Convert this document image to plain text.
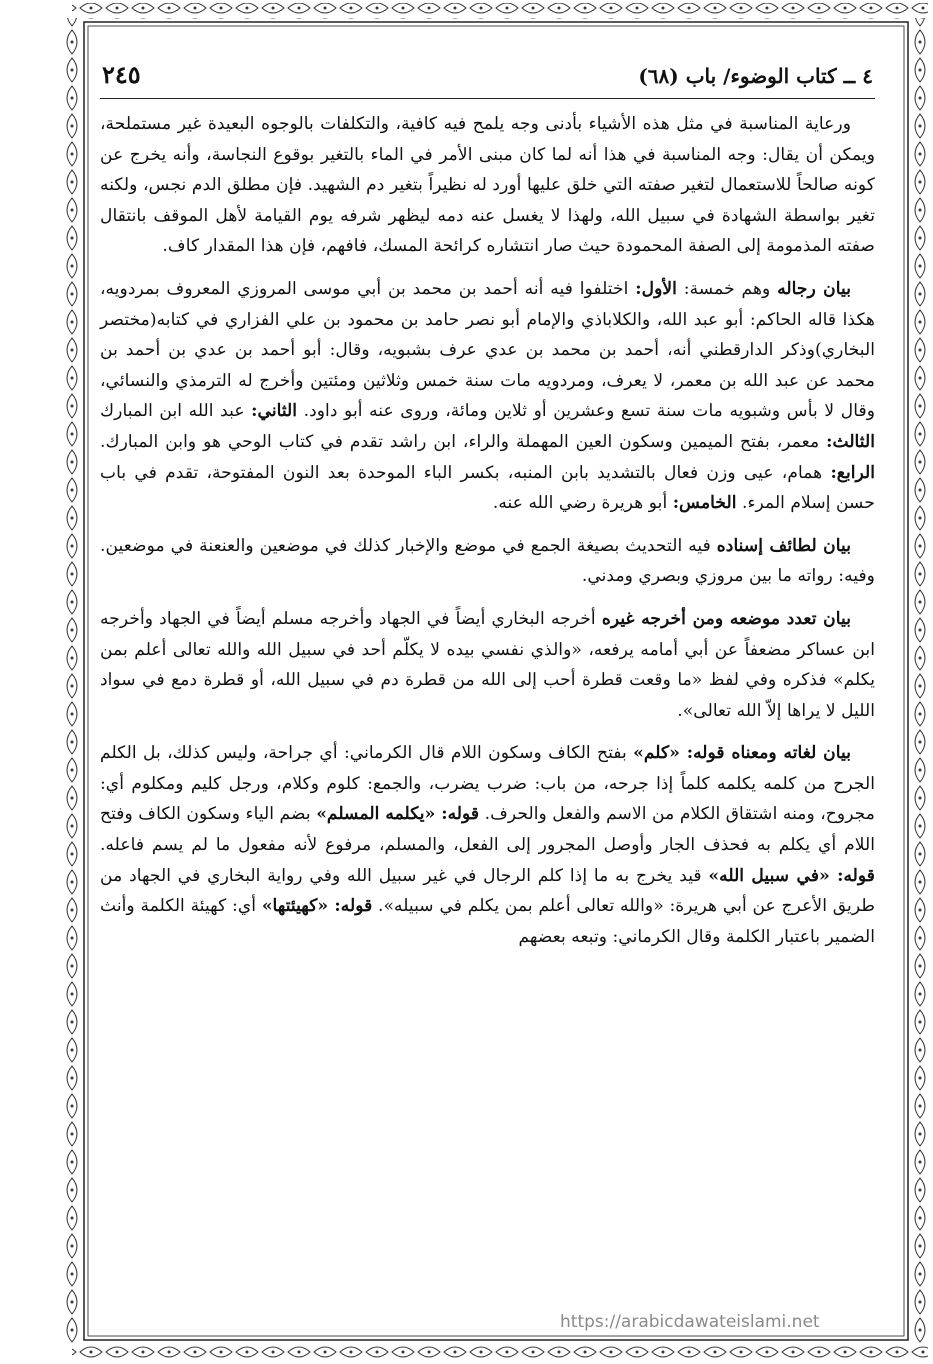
٤ ــ كتاب الوضوء/ باب (٦٨)
٢٤٥

ورعاية المناسبة في مثل هذه الأشياء بأدنى وجه يلمح فيه كافية، والتكلفات بالوجوه البعيدة غير مستملحة، ويمكن أن يقال: وجه المناسبة في هذا أنه لما كان مبنى الأمر في الماء بالتغير بوقوع النجاسة، وأنه يخرج عن كونه صالحاً للاستعمال لتغير صفته التي خلق عليها أورد له نظيراً بتغير دم الشهيد. فإن مطلق الدم نجس، ولكنه تغير بواسطة الشهادة في سبيل الله، ولهذا لا يغسل عنه دمه ليظهر شرفه يوم القيامة لأهل الموقف بانتقال صفته المذمومة إلى الصفة المحمودة حيث صار انتشاره كرائحة المسك، فافهم، فإن هذا المقدار كاف.

بيان رجاله وهم خمسة: الأول: اختلفوا فيه أنه أحمد بن محمد بن أبي موسى المروزي المعروف بمردويه، هكذا قاله الحاكم: أبو عبد الله، والكلاباذي والإمام أبو نصر حامد بن محمود بن علي الفزاري في كتابه(مختصر البخاري)وذكر الدارقطني أنه، أحمد بن محمد بن عدي عرف بشبويه، وقال: أبو أحمد بن عدي بن أحمد بن محمد عن عبد الله بن معمر، لا يعرف، ومردويه مات سنة خمس وثلاثين ومئتين وأخرج له الترمذي والنسائي، وقال لا بأس وشبويه مات سنة تسع وعشرين أو ثلاين ومائة، وروى عنه أبو داود. الثاني: عبد الله ابن المبارك الثالث: معمر، بفتح الميمين وسكون العين المهملة والراء، ابن راشد تقدم في كتاب الوحي هو وابن المبارك. الرابع: همام، عيى وزن فعال بالتشديد بابن المنبه، بكسر الباء الموحدة بعد النون المفتوحة، تقدم في باب حسن إسلام المرء. الخامس: أبو هريرة رضي الله عنه.

بيان لطائف إسناده فيه التحديث بصيغة الجمع في موضع والإخبار كذلك في موضعين والعنعنة في موضعين. وفيه: رواته ما بين مروزي وبصري ومدني.

بيان تعدد موضعه ومن أخرجه غيره أخرجه البخاري أيضاً في الجهاد وأخرجه مسلم أيضاً في الجهاد وأخرجه ابن عساكر مضعفاً عن أبي أمامه يرفعه، «والذي نفسي بيده لا يكلّم أحد في سبيل الله والله تعالى أعلم بمن يكلم» فذكره وفي لفظ «ما وقعت قطرة أحب إلى الله من قطرة دم في سبيل الله، أو قطرة دمع في سواد الليل لا يراها إلاّ الله تعالى».

بيان لغاته ومعناه قوله: «كلم» بفتح الكاف وسكون اللام قال الكرماني: أي جراحة، وليس كذلك، بل الكلم الجرح من كلمه يكلمه كلماً إذا جرحه، من باب: ضرب يضرب، والجمع: كلوم وكلام، ورجل كليم ومكلوم أي: مجروح، ومنه اشتقاق الكلام من الاسم والفعل والحرف. قوله: «يكلمه المسلم» بضم الياء وسكون الكاف وفتح اللام أي يكلم به فحذف الجار وأوصل المجرور إلى الفعل، والمسلم، مرفوع لأنه مفعول ما لم يسم فاعله. قوله: «في سبيل الله» قيد يخرج به ما إذا كلم الرجال في غير سبيل الله وفي رواية البخاري في الجهاد من طريق الأعرج عن أبي هريرة: «والله تعالى أعلم بمن يكلم في سبيله». قوله: «كهيئتها» أي: كهيئة الكلمة وأنث الضمير باعتبار الكلمة وقال الكرماني: وتبعه بعضهم

https://arabicdawateislami.net
